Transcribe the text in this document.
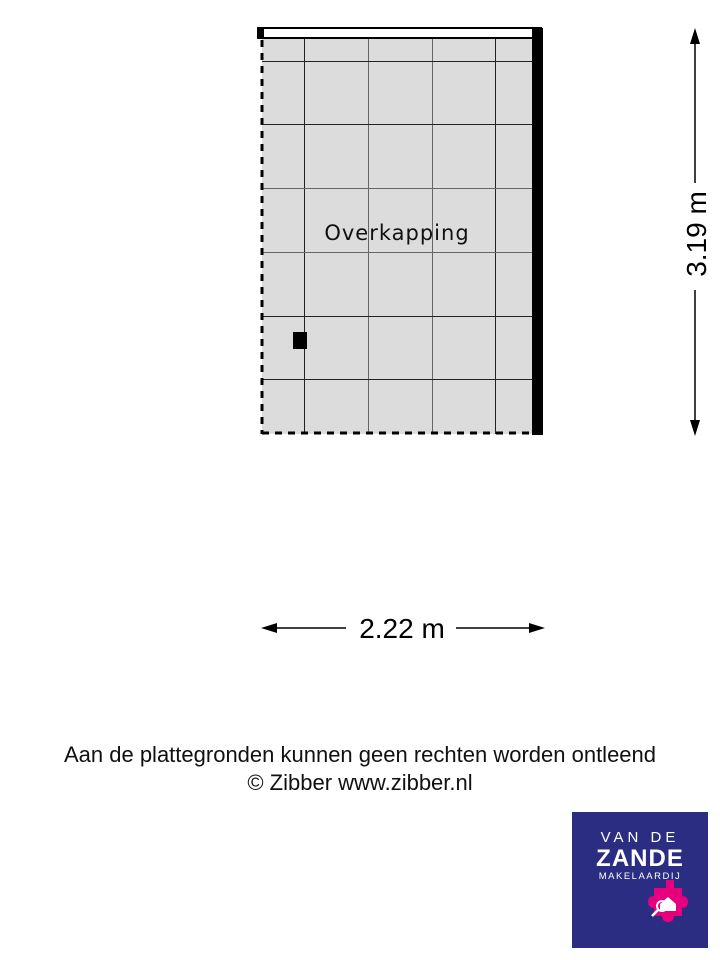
Overkapping	3.19 m
2.22 m

Aan de plattegronden kunnen geen rechten worden ontleend

© Zibber www.zibber.nl

VAN DE
ZANDE
MAKELAARDIJ
